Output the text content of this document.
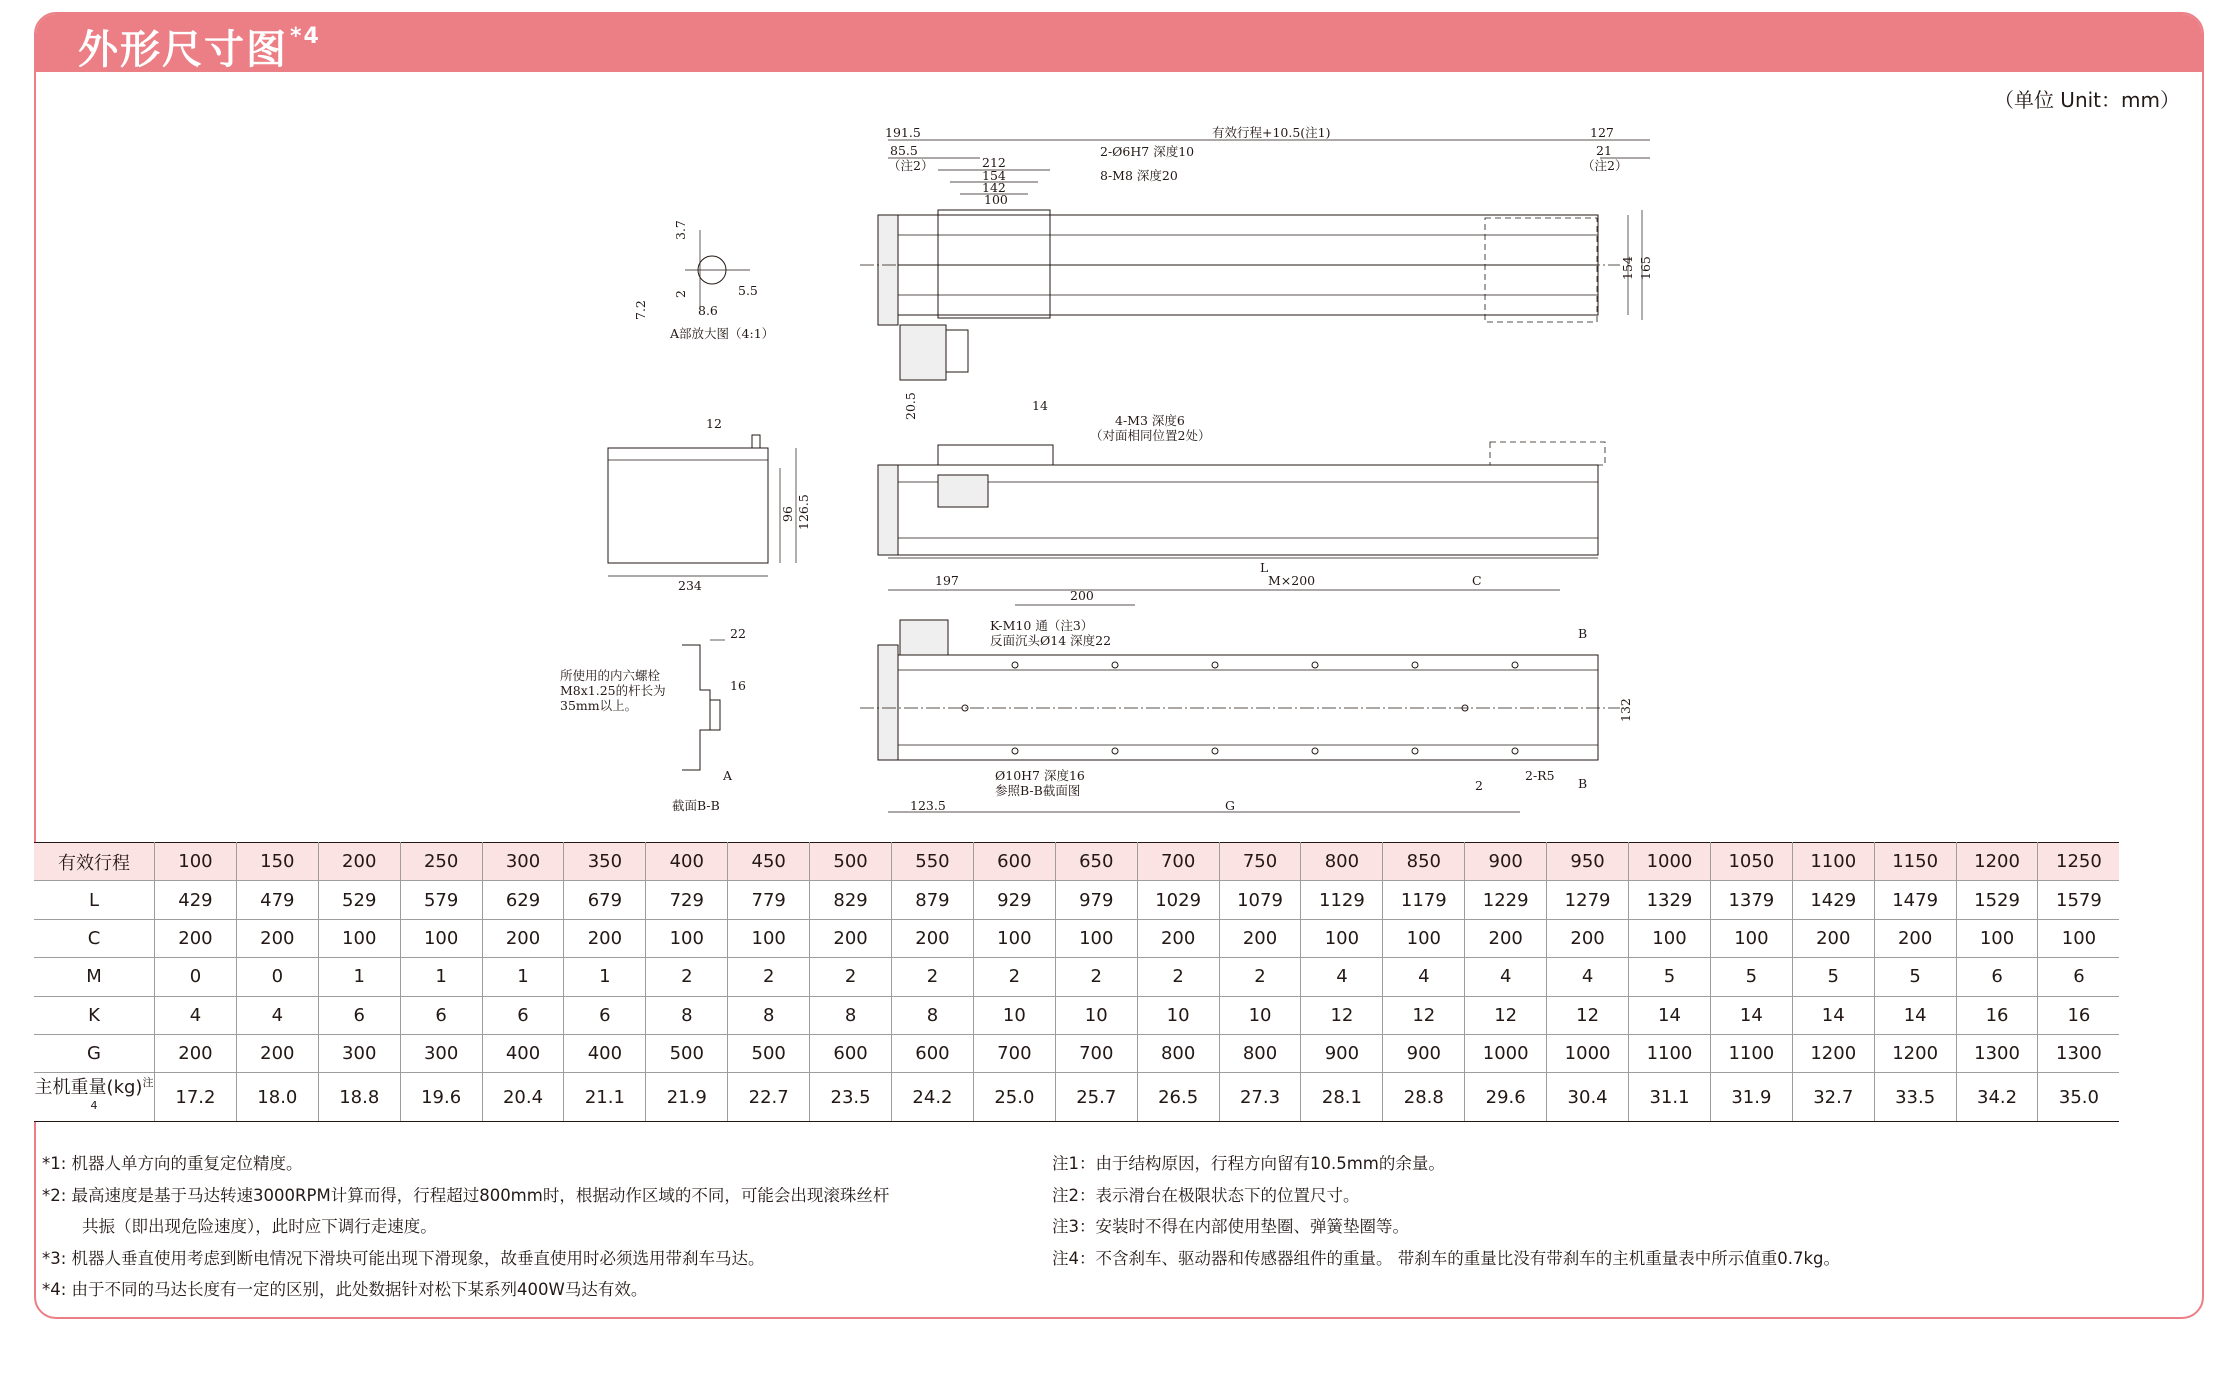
外形尺寸图$^{*4}$
（单位 Unit：mm）
191.5
85.5
（注2）	212
154
142
100
2-Ø6H7 深度10
8-M8 深度20
有效行程+10.5(注1)	127
21
（注2）
154 165
3.7
2
7.2
5.5
8.6
A部放大图（4:1）
12
96 126.5
234
20.5	14
4-M3 深度6
（对面相同位置2处）
L
197
200
M×200	C
K-M10 通（注3）
反面沉头Ø14 深度22	B
132
Ø10H7 深度16
参照B-B截面图
123.5	G
2
2-R5
B
22
16
所使用的内六螺栓
M8x1.25的杆长为
35mm以上。
A
截面B-B
有效行程	100	150	200	250	300	350	400	450	500	550	600	650	700	750	800	850	900	950	1000	1050	1100	1150	1200	1250
L	429	479	529	579	629	679	729	779	829	879	929	979	1029	1079	1129	1179	1229	1279	1329	1379	1429	1479	1529	1579
C	200	200	100	100	200	200	100	100	200	200	100	100	200	200	100	100	200	200	100	100	200	200	100	100
M	0	0	1	1	1	1	2	2	2	2	2	2	2	2	4	4	4	4	5	5	5	5	6	6
K	4	4	6	6	6	6	8	8	8	8	10	10	10	10	12	12	12	12	14	14	14	14	16	16
G	200	200	300	300	400	400	500	500	600	600	700	700	800	800	900	900	1000	1000	1100	1100	1200	1200	1300	1300
主机重量(kg)$^{注4}$	17.2	18.0	18.8	19.6	20.4	21.1	21.9	22.7	23.5	24.2	25.0	25.7	26.5	27.3	28.1	28.8	29.6	30.4	31.1	31.9	32.7	33.5	34.2	35.0
*1: 机器人单方向的重复定位精度。
*2: 最高速度是基于马达转速3000RPM计算而得，行程超过800mm时，根据动作区域的不同，可能会出现滚珠丝杆
共振（即出现危险速度），此时应下调行走速度。
*3: 机器人垂直使用考虑到断电情况下滑块可能出现下滑现象，故垂直使用时必须选用带刹车马达。
*4: 由于不同的马达长度有一定的区别，此处数据针对松下某系列400W马达有效。
注1：由于结构原因，行程方向留有10.5mm的余量。
注2：表示滑台在极限状态下的位置尺寸。
注3：安装时不得在内部使用垫圈、弹簧垫圈等。
注4：不含刹车、驱动器和传感器组件的重量。 带刹车的重量比没有带刹车的主机重量表中所示值重0.7kg。
